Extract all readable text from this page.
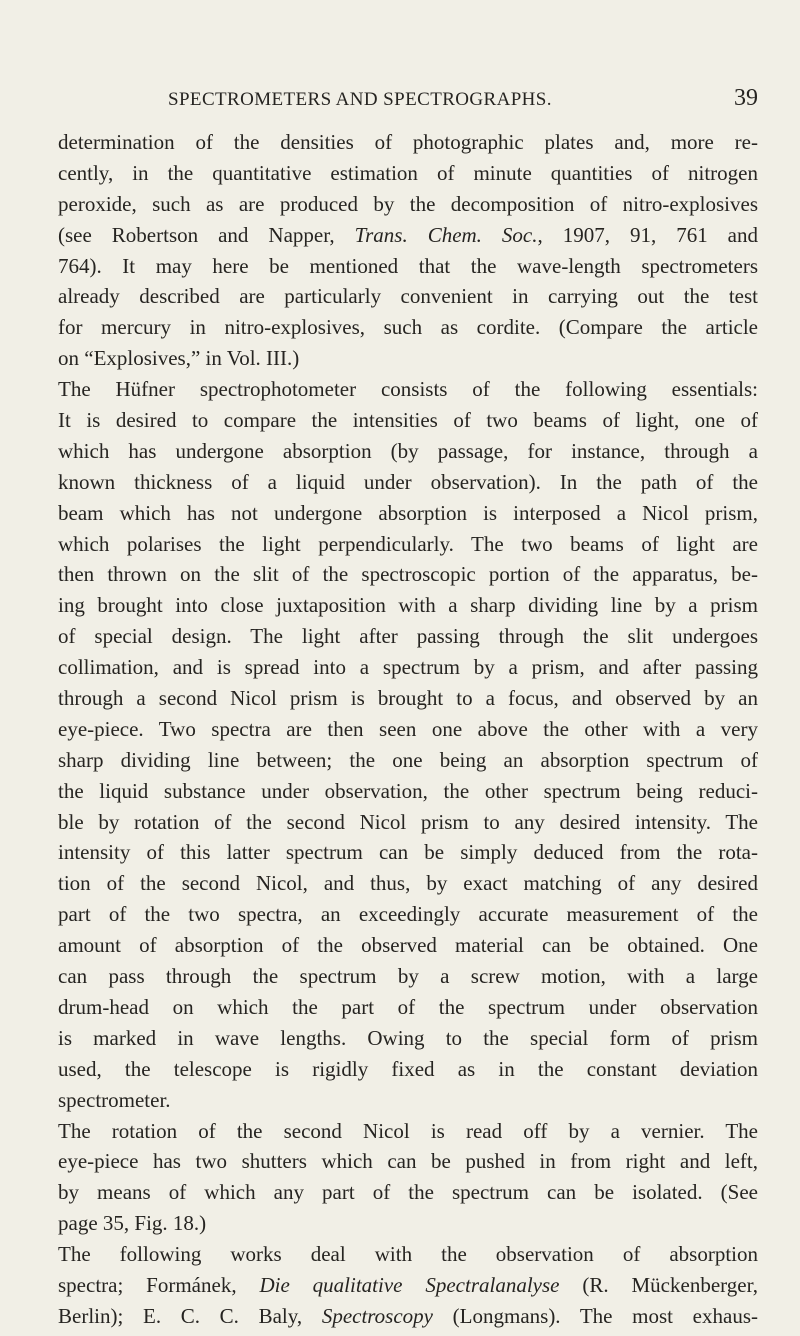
SPECTROMETERS AND SPECTROGRAPHS.	39
determination of the densities of photographic plates and, more re-
cently, in the quantitative estimation of minute quantities of nitrogen
peroxide, such as are produced by the decomposition of nitro-explosives
(see Robertson and Napper, Trans. Chem. Soc., 1907, 91, 761 and
764). It may here be mentioned that the wave-length spectrometers
already described are particularly convenient in carrying out the test
for mercury in nitro-explosives, such as cordite. (Compare the article
on “Explosives,” in Vol. III.)
The Hüfner spectrophotometer consists of the following essentials:
It is desired to compare the intensities of two beams of light, one of
which has undergone absorption (by passage, for instance, through a
known thickness of a liquid under observation). In the path of the
beam which has not undergone absorption is interposed a Nicol prism,
which polarises the light perpendicularly. The two beams of light are
then thrown on the slit of the spectroscopic portion of the apparatus, be-
ing brought into close juxtaposition with a sharp dividing line by a prism
of special design. The light after passing through the slit undergoes
collimation, and is spread into a spectrum by a prism, and after passing
through a second Nicol prism is brought to a focus, and observed by an
eye-piece. Two spectra are then seen one above the other with a very
sharp dividing line between; the one being an absorption spectrum of
the liquid substance under observation, the other spectrum being reduci-
ble by rotation of the second Nicol prism to any desired intensity. The
intensity of this latter spectrum can be simply deduced from the rota-
tion of the second Nicol, and thus, by exact matching of any desired
part of the two spectra, an exceedingly accurate measurement of the
amount of absorption of the observed material can be obtained. One
can pass through the spectrum by a screw motion, with a large
drum-head on which the part of the spectrum under observation
is marked in wave lengths. Owing to the special form of prism
used, the telescope is rigidly fixed as in the constant deviation
spectrometer.
The rotation of the second Nicol is read off by a vernier. The
eye-piece has two shutters which can be pushed in from right and left,
by means of which any part of the spectrum can be isolated. (See
page 35, Fig. 18.)
The following works deal with the observation of absorption
spectra; Formánek, Die qualitative Spectralanalyse (R. Mückenberger,
Berlin); E. C. C. Baly, Spectroscopy (Longmans). The most exhaus-
